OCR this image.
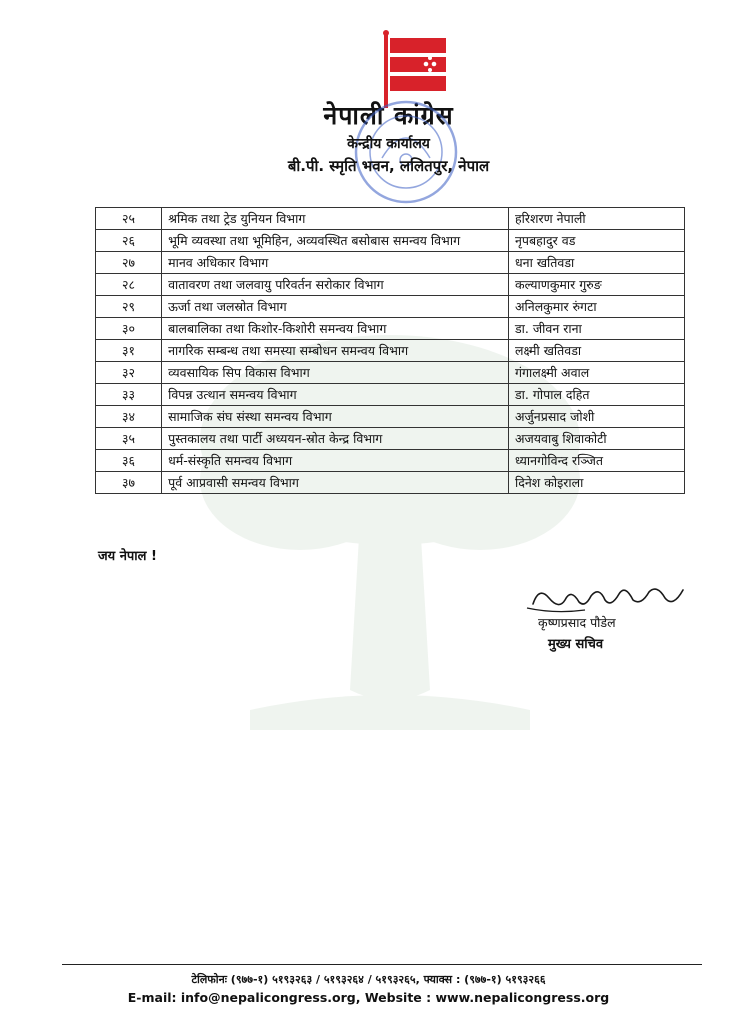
नेपाली कांग्रेस
केन्द्रीय कार्यालय
बी.पी. स्मृति भवन, ललितपुर, नेपाल
२५	श्रमिक तथा ट्रेड युनियन विभाग	हरिशरण नेपाली
२६	भूमि व्यवस्था तथा भूमिहिन, अव्यवस्थित बसोबास समन्वय विभाग	नृपबहादुर वड
२७	मानव अधिकार विभाग	धना खतिवडा
२८	वातावरण तथा जलवायु परिवर्तन सरोकार विभाग	कल्याणकुमार गुरुङ
२९	ऊर्जा तथा जलस्रोत विभाग	अनिलकुमार रुंगटा
३०	बालबालिका तथा किशोर-किशोरी समन्वय विभाग	डा. जीवन राना
३१	नागरिक सम्बन्ध तथा समस्या सम्बोधन समन्वय विभाग	लक्ष्मी खतिवडा
३२	व्यवसायिक सिप विकास विभाग	गंगालक्ष्मी अवाल
३३	विपन्न उत्थान समन्वय विभाग	डा. गोपाल दहित
३४	सामाजिक संघ संस्था समन्वय विभाग	अर्जुनप्रसाद जोशी
३५	पुस्तकालय तथा पार्टी अध्ययन-स्रोत केन्द्र विभाग	अजयवाबु शिवाकोटी
३६	धर्म-संस्कृति समन्वय विभाग	ध्यानगोविन्द रञ्जित
३७	पूर्व आप्रवासी समन्वय विभाग	दिनेश कोइराला
जय नेपाल !
कृष्णप्रसाद पौडेल
मुख्य सचिव
टेलिफोनः (९७७-१) ५१९३२६३ / ५१९३२६४ / ५१९३२६५, फ्याक्स : (९७७-१) ५१९३२६६
E-mail: info@nepalicongress.org, Website : www.nepalicongress.org
